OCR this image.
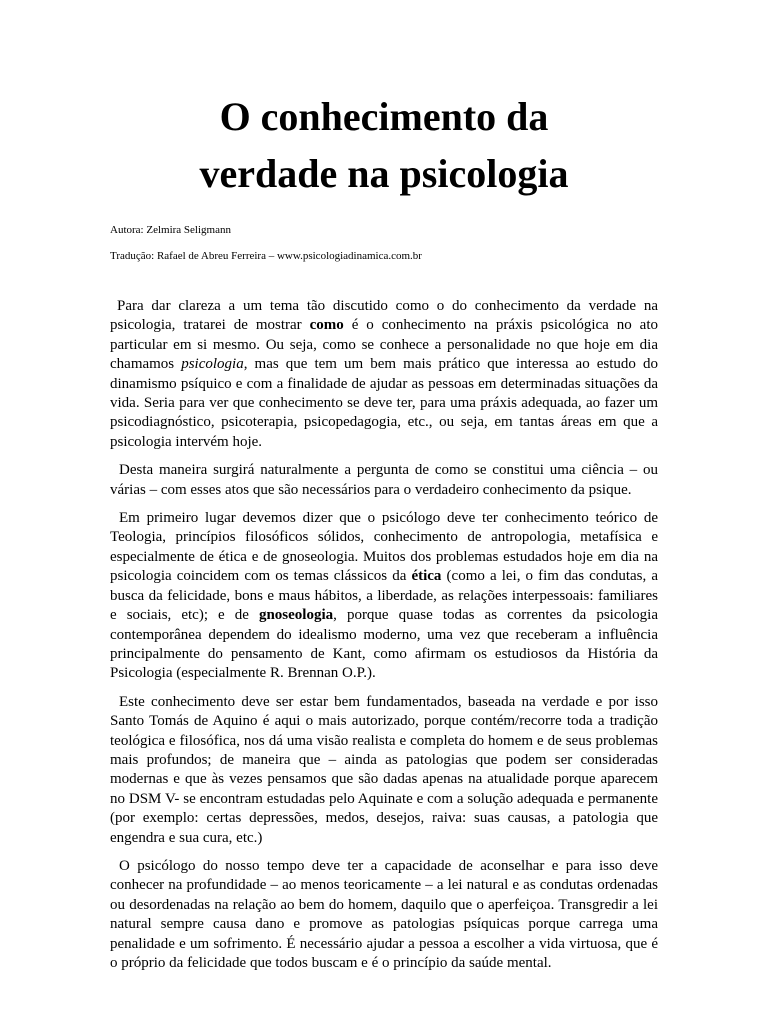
O conhecimento da
verdade na psicologia

Autora: Zelmira Seligmann

Tradução: Rafael de Abreu Ferreira – www.psicologiadinamica.com.br

Para dar clareza a um tema tão discutido como o do conhecimento da verdade na psicologia, tratarei de mostrar como é o conhecimento na práxis psicológica no ato particular em si mesmo. Ou seja, como se conhece a personalidade no que hoje em dia chamamos psicologia, mas que tem um bem mais prático que interessa ao estudo do dinamismo psíquico e com a finalidade de ajudar as pessoas em determinadas situações da vida. Seria para ver que conhecimento se deve ter, para uma práxis adequada, ao fazer um psicodiagnóstico, psicoterapia, psicopedagogia, etc., ou seja, em tantas áreas em que a psicologia intervém hoje.

Desta maneira surgirá naturalmente a pergunta de como se constitui uma ciência – ou várias – com esses atos que são necessários para o verdadeiro conhecimento da psique.

Em primeiro lugar devemos dizer que o psicólogo deve ter conhecimento teórico de Teologia, princípios filosóficos sólidos, conhecimento de antropologia, metafísica e especialmente de ética e de gnoseologia. Muitos dos problemas estudados hoje em dia na psicologia coincidem com os temas clássicos da ética (como a lei, o fim das condutas, a busca da felicidade, bons e maus hábitos, a liberdade, as relações interpessoais: familiares e sociais, etc); e de gnoseologia, porque quase todas as correntes da psicologia contemporânea dependem do idealismo moderno, uma vez que receberam a influência principalmente do pensamento de Kant, como afirmam os estudiosos da História da Psicologia (especialmente R. Brennan O.P.).

Este conhecimento deve ser estar bem fundamentados, baseada na verdade e por isso Santo Tomás de Aquino é aqui o mais autorizado, porque contém/recorre toda a tradição teológica e filosófica, nos dá uma visão realista e completa do homem e de seus problemas mais profundos; de maneira que – ainda as patologias que podem ser consideradas modernas e que às vezes pensamos que são dadas apenas na atualidade porque aparecem no DSM V- se encontram estudadas pelo Aquinate e com a solução adequada e permanente (por exemplo: certas depressões, medos, desejos, raiva: suas causas, a patologia que engendra e sua cura, etc.)

O psicólogo do nosso tempo deve ter a capacidade de aconselhar e para isso deve conhecer na profundidade – ao menos teoricamente – a lei natural e as condutas ordenadas ou desordenadas na relação ao bem do homem, daquilo que o aperfeiçoa. Transgredir a lei natural sempre causa dano e promove as patologias psíquicas porque carrega uma penalidade e um sofrimento. É necessário ajudar a pessoa a escolher a vida virtuosa, que é o próprio da felicidade que todos buscam e é o princípio da saúde mental.
